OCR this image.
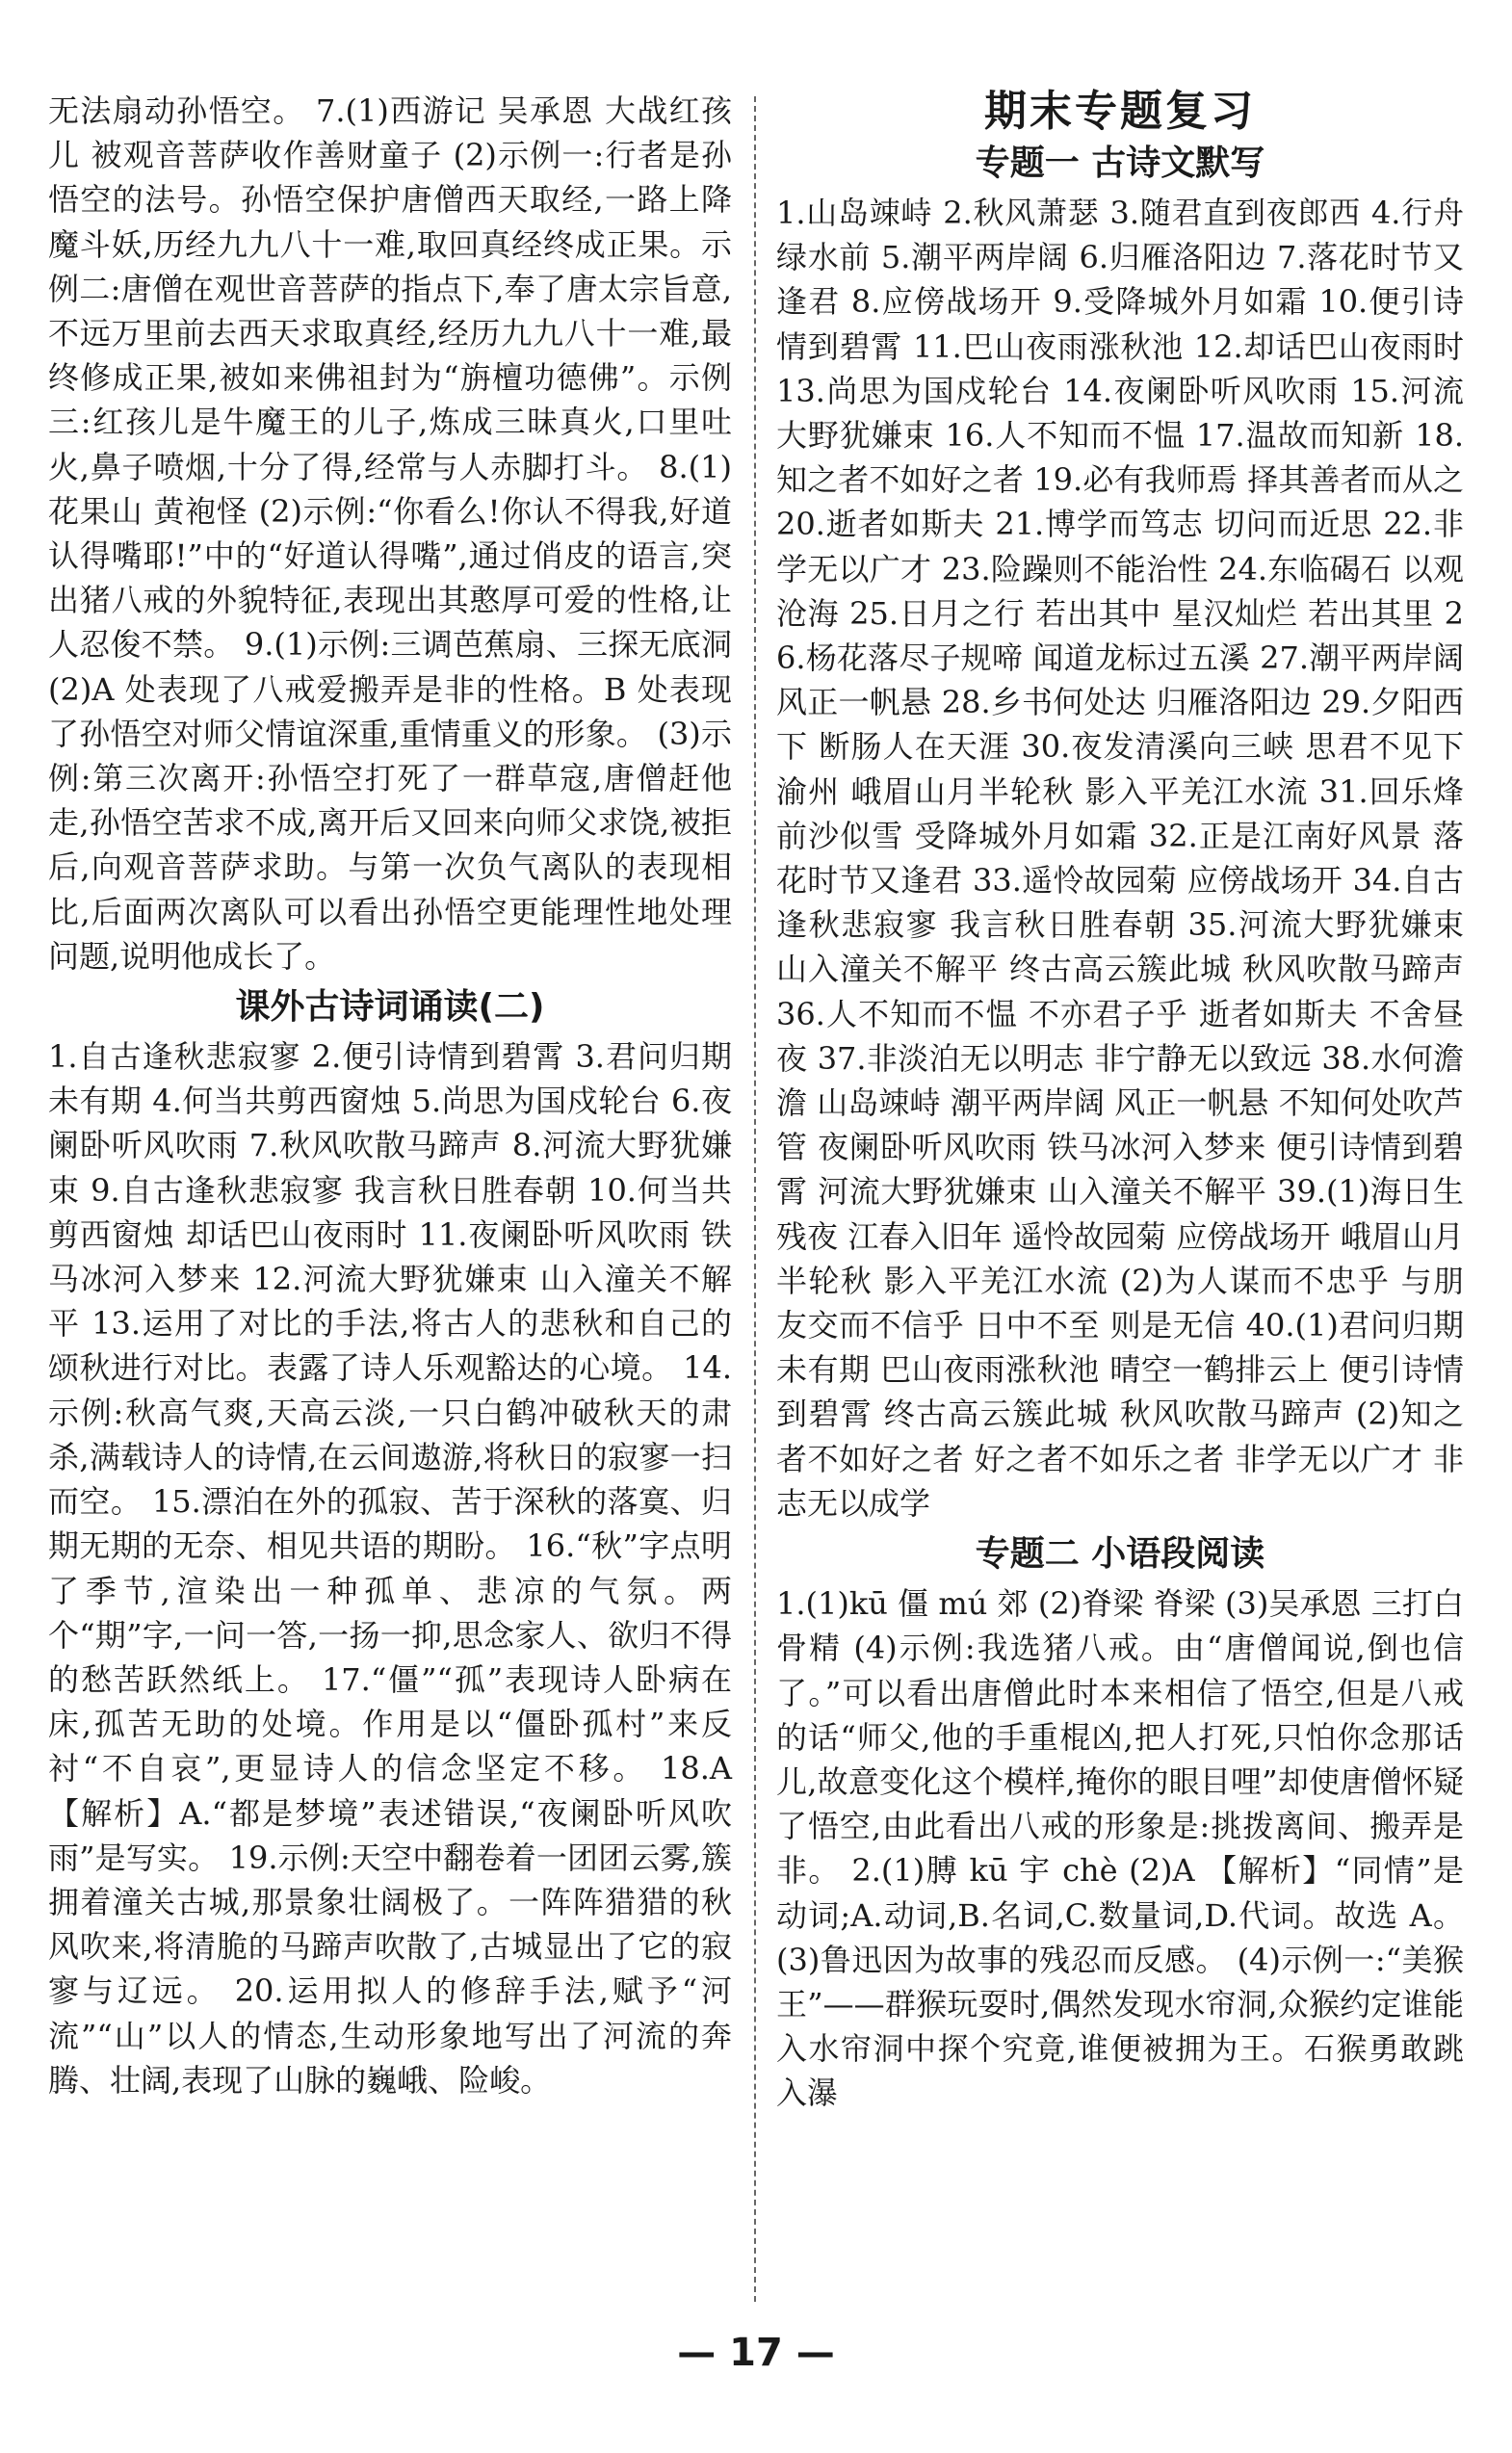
无法扇动孙悟空。 7.(1)西游记 吴承恩 大战红孩儿 被观音菩萨收作善财童子 (2)示例一:行者是孙悟空的法号。孙悟空保护唐僧西天取经,一路上降魔斗妖,历经九九八十一难,取回真经终成正果。示例二:唐僧在观世音菩萨的指点下,奉了唐太宗旨意,不远万里前去西天求取真经,经历九九八十一难,最终修成正果,被如来佛祖封为“旃檀功德佛”。示例三:红孩儿是牛魔王的儿子,炼成三昧真火,口里吐火,鼻子喷烟,十分了得,经常与人赤脚打斗。 8.(1)花果山 黄袍怪 (2)示例:“你看么!你认不得我,好道认得嘴耶!”中的“好道认得嘴”,通过俏皮的语言,突出猪八戒的外貌特征,表现出其憨厚可爱的性格,让人忍俊不禁。 9.(1)示例:三调芭蕉扇、三探无底洞 (2)A 处表现了八戒爱搬弄是非的性格。B 处表现了孙悟空对师父情谊深重,重情重义的形象。 (3)示例:第三次离开:孙悟空打死了一群草寇,唐僧赶他走,孙悟空苦求不成,离开后又回来向师父求饶,被拒后,向观音菩萨求助。与第一次负气离队的表现相比,后面两次离队可以看出孙悟空更能理性地处理问题,说明他成长了。

课外古诗词诵读(二)

1.自古逢秋悲寂寥 2.便引诗情到碧霄 3.君问归期未有期 4.何当共剪西窗烛 5.尚思为国戍轮台 6.夜阑卧听风吹雨 7.秋风吹散马蹄声 8.河流大野犹嫌束 9.自古逢秋悲寂寥 我言秋日胜春朝 10.何当共剪西窗烛 却话巴山夜雨时 11.夜阑卧听风吹雨 铁马冰河入梦来 12.河流大野犹嫌束 山入潼关不解平 13.运用了对比的手法,将古人的悲秋和自己的颂秋进行对比。表露了诗人乐观豁达的心境。 14.示例:秋高气爽,天高云淡,一只白鹤冲破秋天的肃杀,满载诗人的诗情,在云间遨游,将秋日的寂寥一扫而空。 15.漂泊在外的孤寂、苦于深秋的落寞、归期无期的无奈、相见共语的期盼。 16.“秋”字点明了季节,渲染出一种孤单、悲凉的气氛。两个“期”字,一问一答,一扬一抑,思念家人、欲归不得的愁苦跃然纸上。 17.“僵”“孤”表现诗人卧病在床,孤苦无助的处境。作用是以“僵卧孤村”来反衬“不自哀”,更显诗人的信念坚定不移。 18.A 【解析】A.“都是梦境”表述错误,“夜阑卧听风吹雨”是写实。 19.示例:天空中翻卷着一团团云雾,簇拥着潼关古城,那景象壮阔极了。一阵阵猎猎的秋风吹来,将清脆的马蹄声吹散了,古城显出了它的寂寥与辽远。 20.运用拟人的修辞手法,赋予“河流”“山”以人的情态,生动形象地写出了河流的奔腾、壮阔,表现了山脉的巍峨、险峻。

期末专题复习
专题一 古诗文默写

1.山岛竦峙 2.秋风萧瑟 3.随君直到夜郎西 4.行舟绿水前 5.潮平两岸阔 6.归雁洛阳边 7.落花时节又逢君 8.应傍战场开 9.受降城外月如霜 10.便引诗情到碧霄 11.巴山夜雨涨秋池 12.却话巴山夜雨时 13.尚思为国戍轮台 14.夜阑卧听风吹雨 15.河流大野犹嫌束 16.人不知而不愠 17.温故而知新 18.知之者不如好之者 19.必有我师焉 择其善者而从之 20.逝者如斯夫 21.博学而笃志 切问而近思 22.非学无以广才 23.险躁则不能治性 24.东临碣石 以观沧海 25.日月之行 若出其中 星汉灿烂 若出其里 26.杨花落尽子规啼 闻道龙标过五溪 27.潮平两岸阔 风正一帆悬 28.乡书何处达 归雁洛阳边 29.夕阳西下 断肠人在天涯 30.夜发清溪向三峡 思君不见下渝州 峨眉山月半轮秋 影入平羌江水流 31.回乐烽前沙似雪 受降城外月如霜 32.正是江南好风景 落花时节又逢君 33.遥怜故园菊 应傍战场开 34.自古逢秋悲寂寥 我言秋日胜春朝 35.河流大野犹嫌束 山入潼关不解平 终古高云簇此城 秋风吹散马蹄声 36.人不知而不愠 不亦君子乎 逝者如斯夫 不舍昼夜 37.非淡泊无以明志 非宁静无以致远 38.水何澹澹 山岛竦峙 潮平两岸阔 风正一帆悬 不知何处吹芦管 夜阑卧听风吹雨 铁马冰河入梦来 便引诗情到碧霄 河流大野犹嫌束 山入潼关不解平 39.(1)海日生残夜 江春入旧年 遥怜故园菊 应傍战场开 峨眉山月半轮秋 影入平羌江水流 (2)为人谋而不忠乎 与朋友交而不信乎 日中不至 则是无信 40.(1)君问归期未有期 巴山夜雨涨秋池 晴空一鹤排云上 便引诗情到碧霄 终古高云簇此城 秋风吹散马蹄声 (2)知之者不如好之者 好之者不如乐之者 非学无以广才 非志无以成学

专题二 小语段阅读

1.(1)kū 僵 mú 郊 (2)脊梁 脊梁 (3)吴承恩 三打白骨精 (4)示例:我选猪八戒。由“唐僧闻说,倒也信了。”可以看出唐僧此时本来相信了悟空,但是八戒的话“师父,他的手重棍凶,把人打死,只怕你念那话儿,故意变化这个模样,掩你的眼目哩”却使唐僧怀疑了悟空,由此看出八戒的形象是:挑拨离间、搬弄是非。 2.(1)膊 kū 宇 chè (2)A 【解析】“同情”是动词;A.动词,B.名词,C.数量词,D.代词。故选 A。 (3)鲁迅因为故事的残忍而反感。 (4)示例一:“美猴王”——群猴玩耍时,偶然发现水帘洞,众猴约定谁能入水帘洞中探个究竟,谁便被拥为王。石猴勇敢跳入瀑

— 17 —
